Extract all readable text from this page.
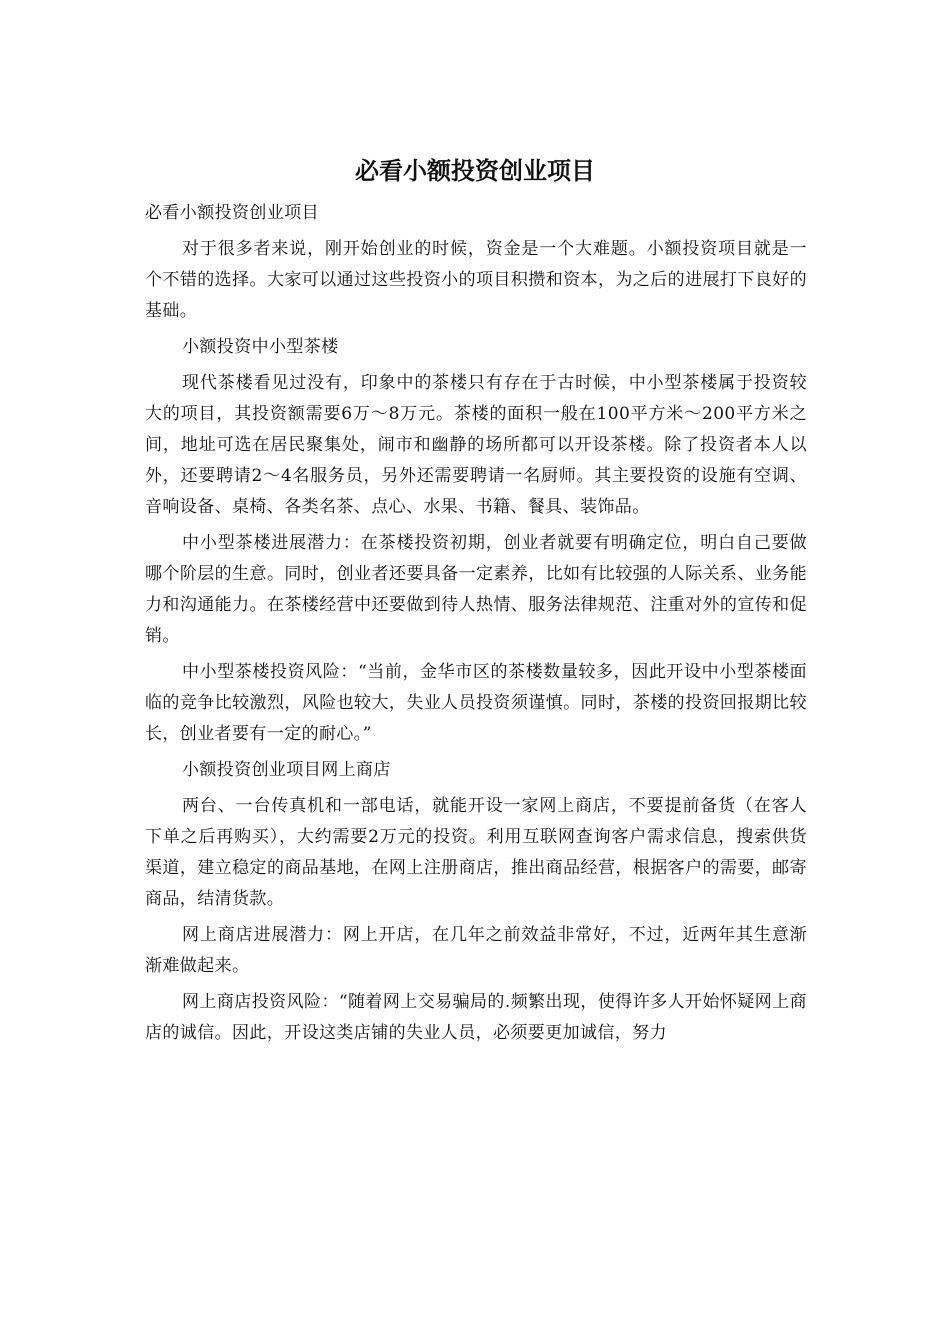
必看小额投资创业项目

必看小额投资创业项目

对于很多者来说，刚开始创业的时候，资金是一个大难题。小额投资项目就是一个不错的选择。大家可以通过这些投资小的项目积攒和资本，为之后的进展打下良好的基础。

小额投资中小型茶楼

现代茶楼看见过没有，印象中的茶楼只有存在于古时候，中小型茶楼属于投资较大的项目，其投资额需要6万～8万元。茶楼的面积一般在100平方米～200平方米之间，地址可选在居民聚集处，闹市和幽静的场所都可以开设茶楼。除了投资者本人以外，还要聘请2～4名服务员，另外还需要聘请一名厨师。其主要投资的设施有空调、音响设备、桌椅、各类名茶、点心、水果、书籍、餐具、装饰品。

中小型茶楼进展潜力：在茶楼投资初期，创业者就要有明确定位，明白自己要做哪个阶层的生意。同时，创业者还要具备一定素养，比如有比较强的人际关系、业务能力和沟通能力。在茶楼经营中还要做到待人热情、服务法律规范、注重对外的宣传和促销。

中小型茶楼投资风险：“当前，金华市区的茶楼数量较多，因此开设中小型茶楼面临的竞争比较激烈，风险也较大，失业人员投资须谨慎。同时，茶楼的投资回报期比较长，创业者要有一定的耐心。”

小额投资创业项目网上商店

两台、一台传真机和一部电话，就能开设一家网上商店，不要提前备货（在客人下单之后再购买），大约需要2万元的投资。利用互联网查询客户需求信息，搜索供货渠道，建立稳定的商品基地，在网上注册商店，推出商品经营，根据客户的需要，邮寄商品，结清货款。

网上商店进展潜力：网上开店，在几年之前效益非常好，不过，近两年其生意渐渐难做起来。

网上商店投资风险：“随着网上交易骗局的.频繁出现，使得许多人开始怀疑网上商店的诚信。因此，开设这类店铺的失业人员，必须要更加诚信，努力
